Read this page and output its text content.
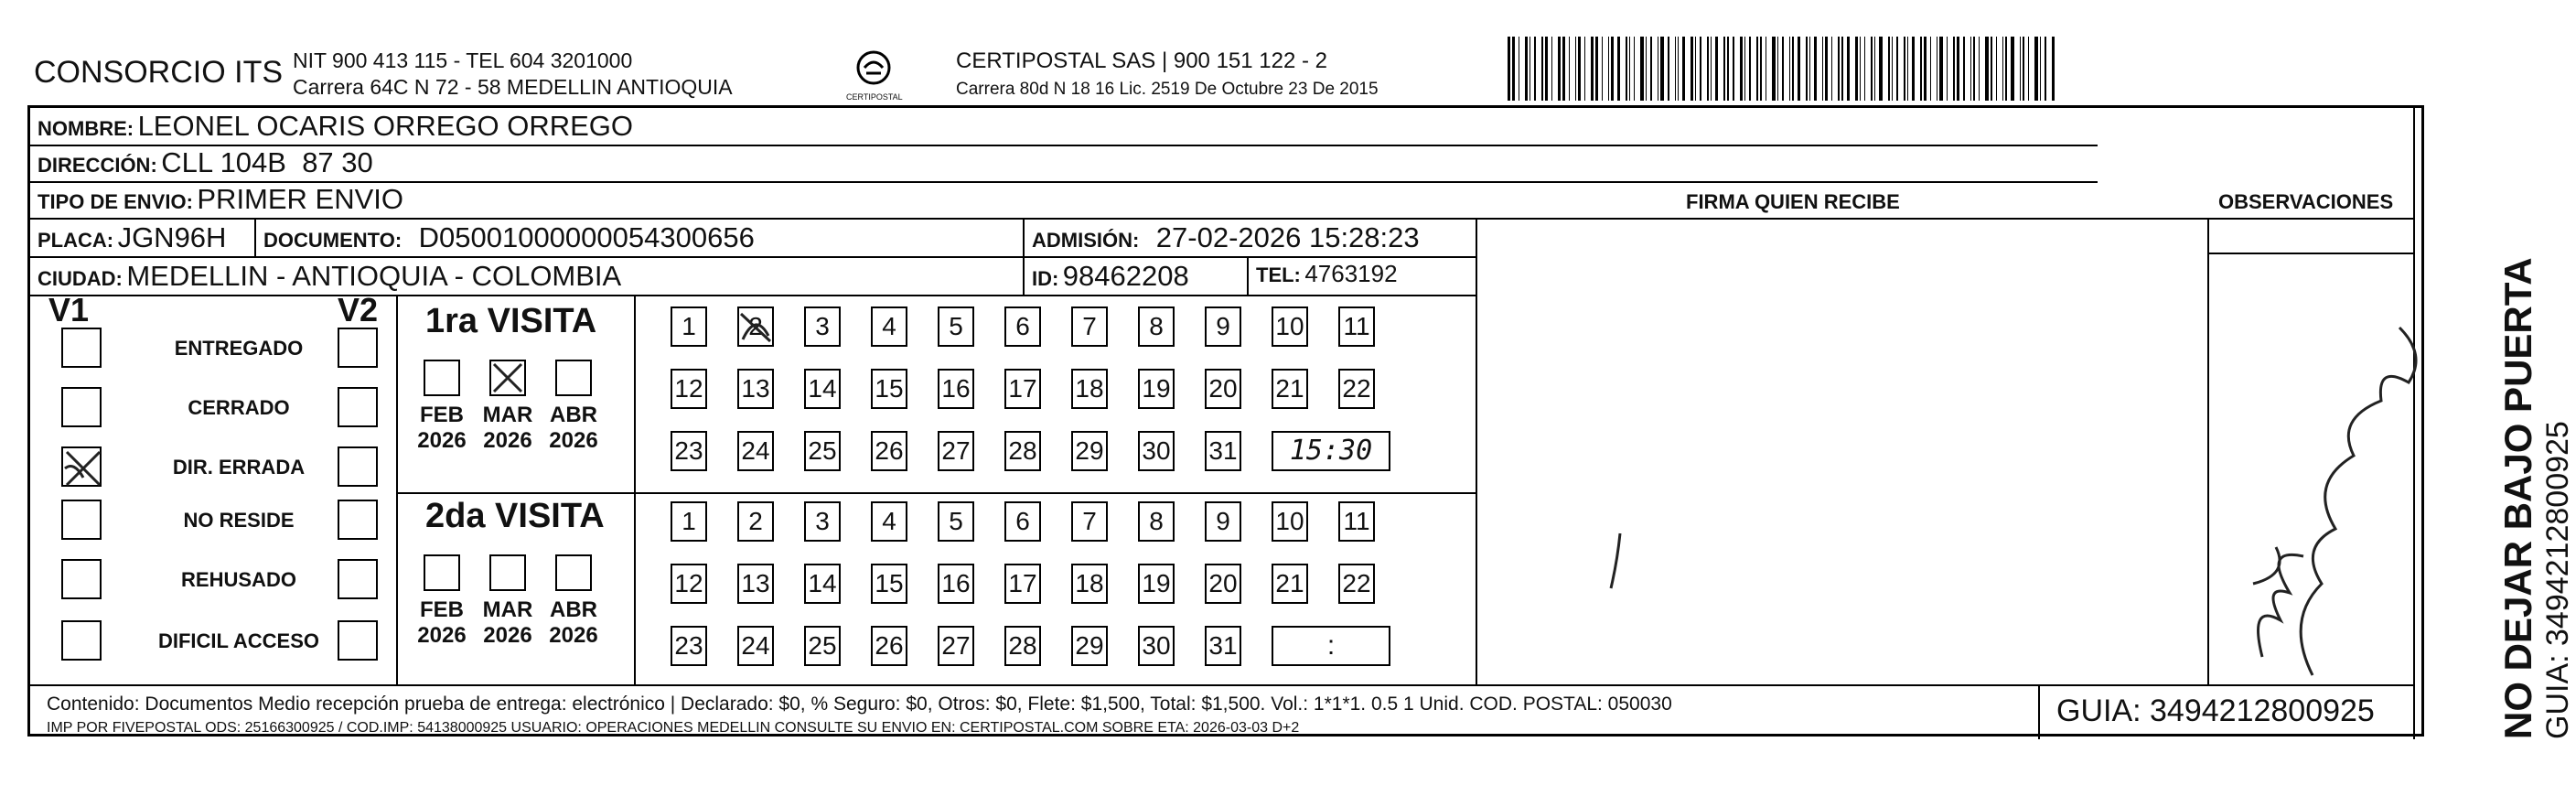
CONSORCIO ITS NIT 900 413 115 - TEL 604 3201000
Carrera 64C N 72 - 58 MEDELLIN ANTIOQUIA	CERTIPOSTAL
CERTIPOSTAL SAS | 900 151 122 - 2
Carrera 80d N 18 16 Lic. 2519 De Octubre 23 De 2015
NOMBRE: LEONEL OCARIS ORREGO ORREGO
DIRECCIÓN: CLL 104B  87 30
TIPO DE ENVIO: PRIMER ENVIO	FIRMA QUIEN RECIBE	OBSERVACIONES
PLACA: JGN96H DOCUMENTO: D05001000000054300656	ADMISIÓN: 27-02-2026 15:28:23
CIUDAD: MEDELLIN - ANTIOQUIA - COLOMBIA	ID: 98462208	TEL: 4763192
V1	V2 1ra VISITA
2da VISITA
Contenido: Documentos Medio recepción prueba de entrega: electrónico | Declarado: $0, % Seguro: $0, Otros: $0, Flete: $1,500, Total: $1,500. Vol.: 1*1*1. 0.5 1 Unid. COD. POSTAL: 050030
IMP POR FIVEPOSTAL ODS: 25166300925 / COD.IMP: 54138000925 USUARIO: OPERACIONES MEDELLIN CONSULTE SU ENVIO EN: CERTIPOSTAL.COM SOBRE ETA: 2026-03-03 D+2	GUIA: 3494212800925
ENTREGADO
CERRADO
DIR. ERRADA
NO RESIDE
REHUSADO
DIFICIL ACCESO
FEB
2026
MAR
2026
ABR
2026
1	2	3	4	5	6	7	8	9	10 11
12 13 14 15 16 17 18 19 20 21 22
23 24 25 26 27 28 29 30 31	15:30
FEB
2026
MAR
2026
ABR
2026
1	2	3	4	5	6	7	8	9	10 11
12 13 14 15 16 17 18 19 20 21 22
23 24 25 26 27 28 29 30 31	:	NO DEJAR BAJO PUERTA GUIA: 3494212800925
